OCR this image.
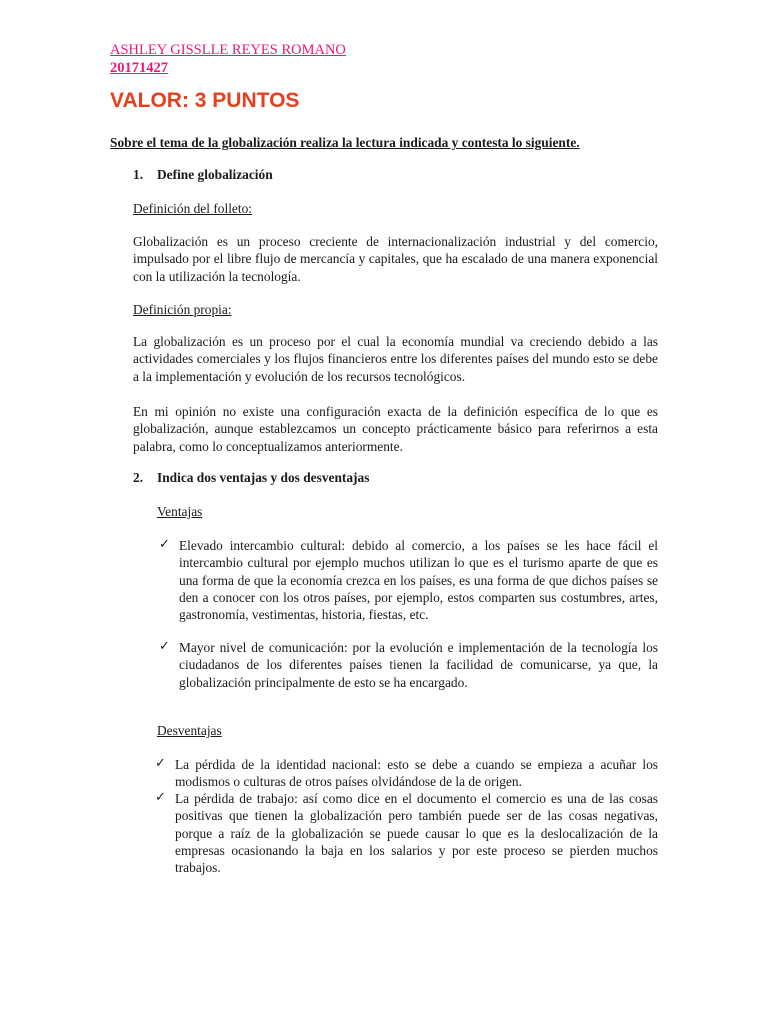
ASHLEY GISSLLE REYES ROMANO

20171427

VALOR: 3 PUNTOS

Sobre el tema de la globalización realiza la lectura indicada y contesta lo siguiente.

1. Define globalización

Definición del folleto:

Globalización es un proceso creciente de internacionalización industrial y del comercio, impulsado por el libre flujo de mercancía y capitales, que ha escalado de una manera exponencial con la utilización la tecnología.

Definición propia:

La globalización es un proceso por el cual la economía mundial va creciendo debido a las actividades comerciales y los flujos financieros entre los diferentes países del mundo esto se debe a la implementación y evolución de los recursos tecnológicos.

En mi opinión no existe una configuración exacta de la definición específica de lo que es globalización, aunque establezcamos un concepto prácticamente básico para referirnos a esta palabra, como lo conceptualizamos anteriormente.

2. Indica dos ventajas y dos desventajas

Ventajas

✓ Elevado intercambio cultural: debido al comercio, a los países se les hace fácil el intercambio cultural por ejemplo muchos utilizan lo que es el turismo aparte de que es una forma de que la economía crezca en los países, es una forma de que dichos países se den a conocer con los otros países, por ejemplo, estos comparten sus costumbres, artes, gastronomía, vestimentas, historia, fiestas, etc.

✓ Mayor nivel de comunicación: por la evolución e implementación de la tecnología los ciudadanos de los diferentes países tienen la facilidad de comunicarse, ya que, la globalización principalmente de esto se ha encargado.

Desventajas

✓ La pérdida de la identidad nacional: esto se debe a cuando se empieza a acuñar los modismos o culturas de otros países olvidándose de la de origen.

✓ La pérdida de trabajo: así como dice en el documento el comercio es una de las cosas positivas que tienen la globalización pero también puede ser de las cosas negativas, porque a raíz de la globalización se puede causar lo que es la deslocalización de la empresas ocasionando la baja en los salarios y por este proceso se pierden muchos trabajos.
